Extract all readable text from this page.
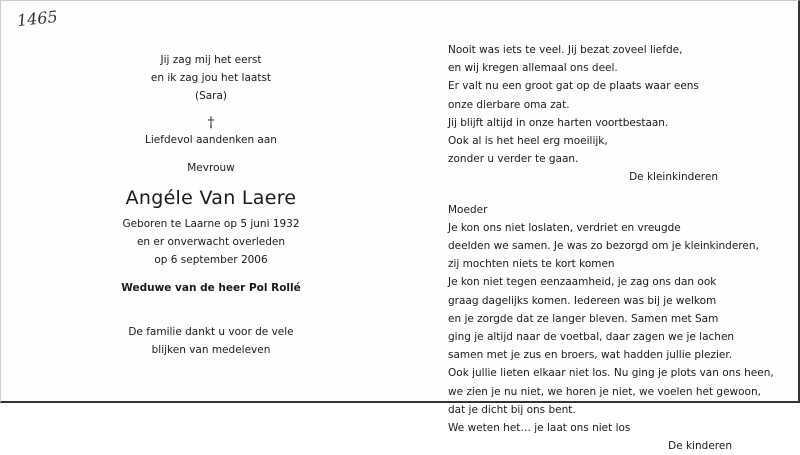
1465
Jij zag mij het eerst
en ik zag jou het laatst
(Sara)
†
Liefdevol aandenken aan
Mevrouw
Angéle Van Laere
Geboren te Laarne op 5 juni 1932
en er onverwacht overleden
op 6 september 2006
Weduwe van de heer Pol Rollé
De familie dankt u voor de vele
blijken van medeleven
Nooit was iets te veel. Jij bezat zoveel liefde,
en wij kregen allemaal ons deel.
Er valt nu een groot gat op de plaats waar eens
onze dierbare oma zat.
Jij blijft altijd in onze harten voortbestaan.
Ook al is het heel erg moeilijk,
zonder u verder te gaan.
De kleinkinderen
Moeder
Je kon ons niet loslaten, verdriet en vreugde
deelden we samen. Je was zo bezorgd om je kleinkinderen,
zij mochten niets te kort komen
Je kon niet tegen eenzaamheid, je zag ons dan ook
graag dagelijks komen. Iedereen was bij je welkom
en je zorgde dat ze langer bleven. Samen met Sam
ging je altijd naar de voetbal, daar zagen we je lachen
samen met je zus en broers, wat hadden jullie plezier.
Ook jullie lieten elkaar niet los. Nu ging je plots van ons heen,
we zien je nu niet, we horen je niet, we voelen het gewoon,
dat je dicht bij ons bent.
We weten het… je laat ons niet los
De kinderen
